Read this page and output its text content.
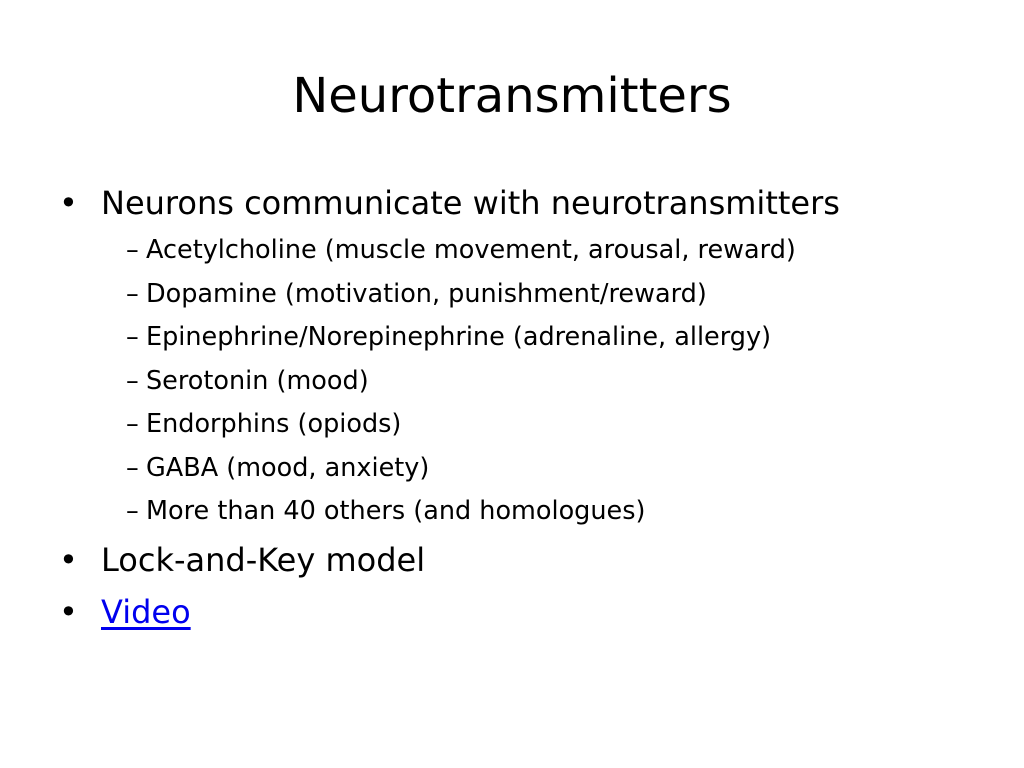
Neurotransmitters
• Neurons communicate with neurotransmitters
– Acetylcholine (muscle movement, arousal, reward)
– Dopamine (motivation, punishment/reward)
– Epinephrine/Norepinephrine (adrenaline, allergy)
– Serotonin (mood)
– Endorphins (opiods)
– GABA (mood, anxiety)
– More than 40 others (and homologues)
• Lock-and-Key model
• Video
